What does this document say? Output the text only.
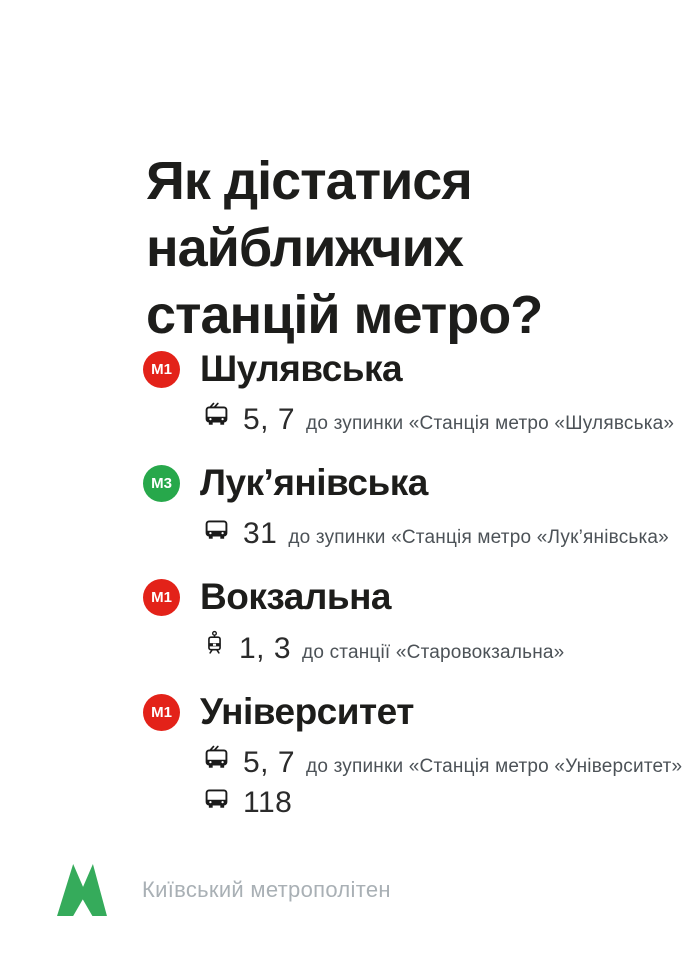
Як дістатися
найближчих
станцій метро?
М1 Шулявська
5, 7 до зупинки «Станція метро «Шулявська»
М3 Лук’янівська
31 до зупинки «Станція метро «Лук’янівська»
М1 Вокзальна
1, 3 до станції «Старовокзальна»
М1 Університет
5, 7 до зупинки «Станція метро «Університет»
118
Київський метрополітен
